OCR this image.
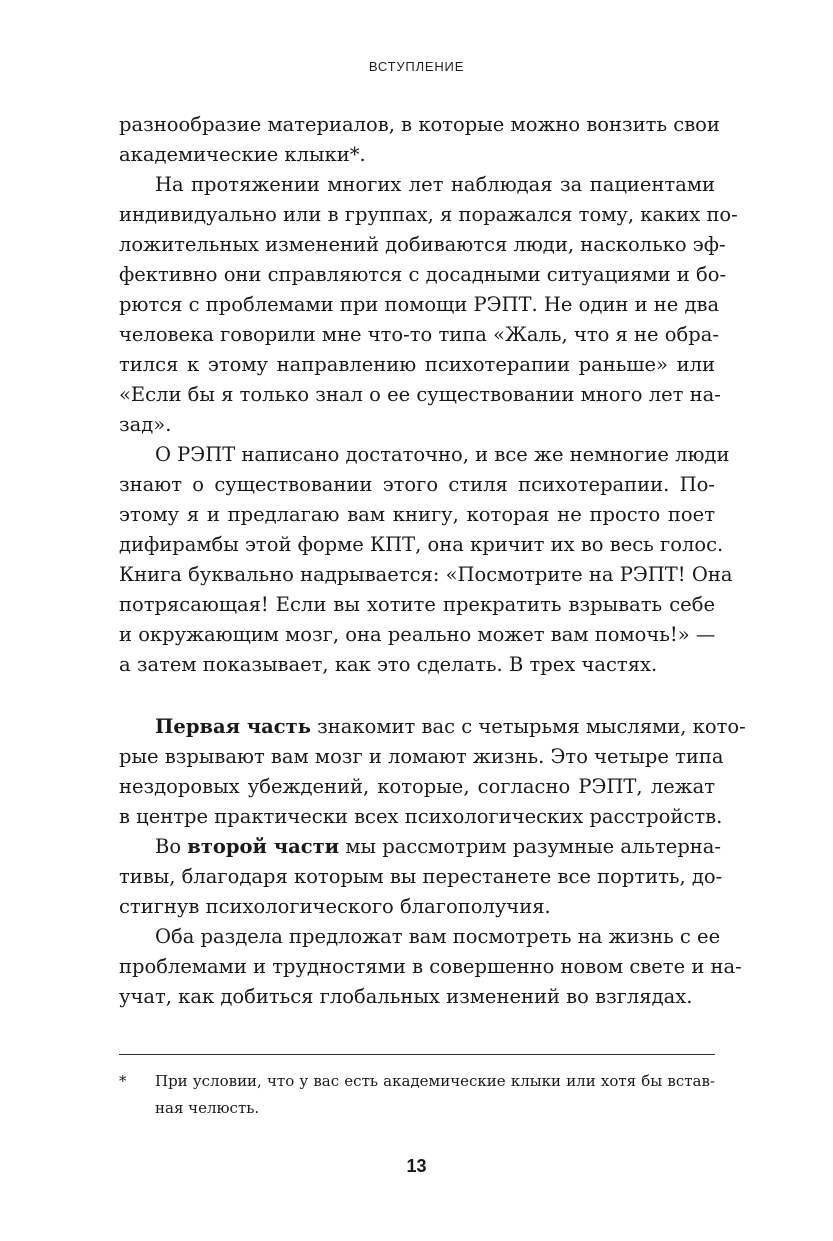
ВСТУПЛЕНИЕ
разнообразие материалов, в которые можно вонзить свои
академические клыки*.
На протяжении многих лет наблюдая за пациентами
индивидуально или в группах, я поражался тому, каких по-
ложительных изменений добиваются люди, насколько эф-
фективно они справляются с досадными ситуациями и бо-
рются с проблемами при помощи РЭПТ. Не один и не два
человека говорили мне что-то типа «Жаль, что я не обра-
тился к этому направлению психотерапии раньше» или
«Если бы я только знал о ее существовании много лет на-
зад».
О РЭПТ написано достаточно, и все же немногие люди
знают о существовании этого стиля психотерапии. По-
этому я и предлагаю вам книгу, которая не просто поет
дифирамбы этой форме КПТ, она кричит их во весь голос.
Книга буквально надрывается: «Посмотрите на РЭПТ! Она
потрясающая! Если вы хотите прекратить взрывать себе
и окружающим мозг, она реально может вам помочь!» —
а затем показывает, как это сделать. В трех частях.
Первая часть знакомит вас с четырьмя мыслями, кото-
рые взрывают вам мозг и ломают жизнь. Это четыре типа
нездоровых убеждений, которые, согласно РЭПТ, лежат
в центре практически всех психологических расстройств.
Во второй части мы рассмотрим разумные альтерна-
тивы, благодаря которым вы перестанете все портить, до-
стигнув психологического благополучия.
Оба раздела предложат вам посмотреть на жизнь с ее
проблемами и трудностями в совершенно новом свете и на-
учат, как добиться глобальных изменений во взглядах.
* При условии, что у вас есть академические клыки или хотя бы встав-
ная челюсть.
13
